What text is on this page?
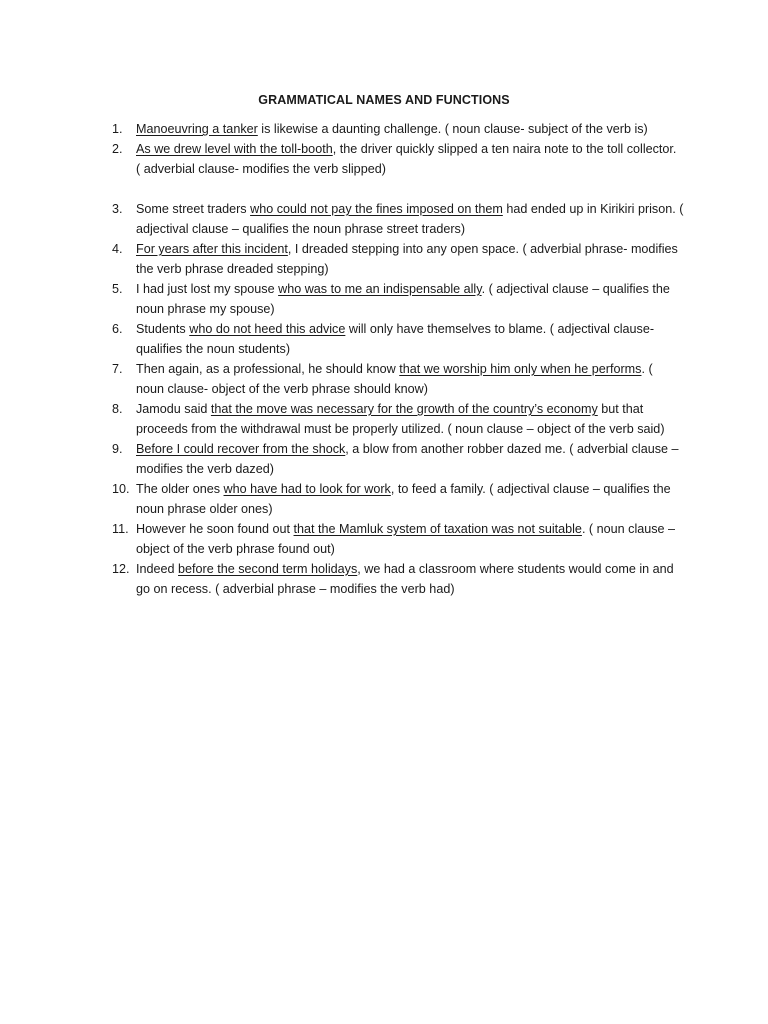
GRAMMATICAL NAMES AND FUNCTIONS
1. Manoeuvring a tanker is likewise a daunting challenge. ( noun clause- subject of the verb is)
2. As we drew level with the toll-booth, the driver quickly slipped a ten naira note to the toll collector. ( adverbial clause- modifies the verb slipped)
3. Some street traders who could not pay the fines imposed on them had ended up in Kirikiri prison. ( adjectival clause – qualifies the noun phrase street traders)
4. For years after this incident, I dreaded stepping into any open space. ( adverbial phrase- modifies the verb phrase dreaded stepping)
5. I had just lost my spouse who was to me an indispensable ally. ( adjectival clause – qualifies the noun phrase my spouse)
6. Students who do not heed this advice will only have themselves to blame. ( adjectival clause- qualifies the noun students)
7. Then again, as a professional, he should know that we worship him only when he performs. ( noun clause- object of the verb phrase should know)
8. Jamodu said that the move was necessary for the growth of the country’s economy but that proceeds from the withdrawal must be properly utilized. ( noun clause – object of the verb said)
9. Before I could recover from the shock, a blow from another robber dazed me. ( adverbial clause – modifies the verb dazed)
10. The older ones who have had to look for work, to feed a family. ( adjectival clause – qualifies the noun phrase older ones)
11. However he soon found out that the Mamluk system of taxation was not suitable. ( noun clause – object of the verb phrase found out)
12. Indeed before the second term holidays, we had a classroom where students would come in and go on recess. ( adverbial phrase – modifies the verb had)
